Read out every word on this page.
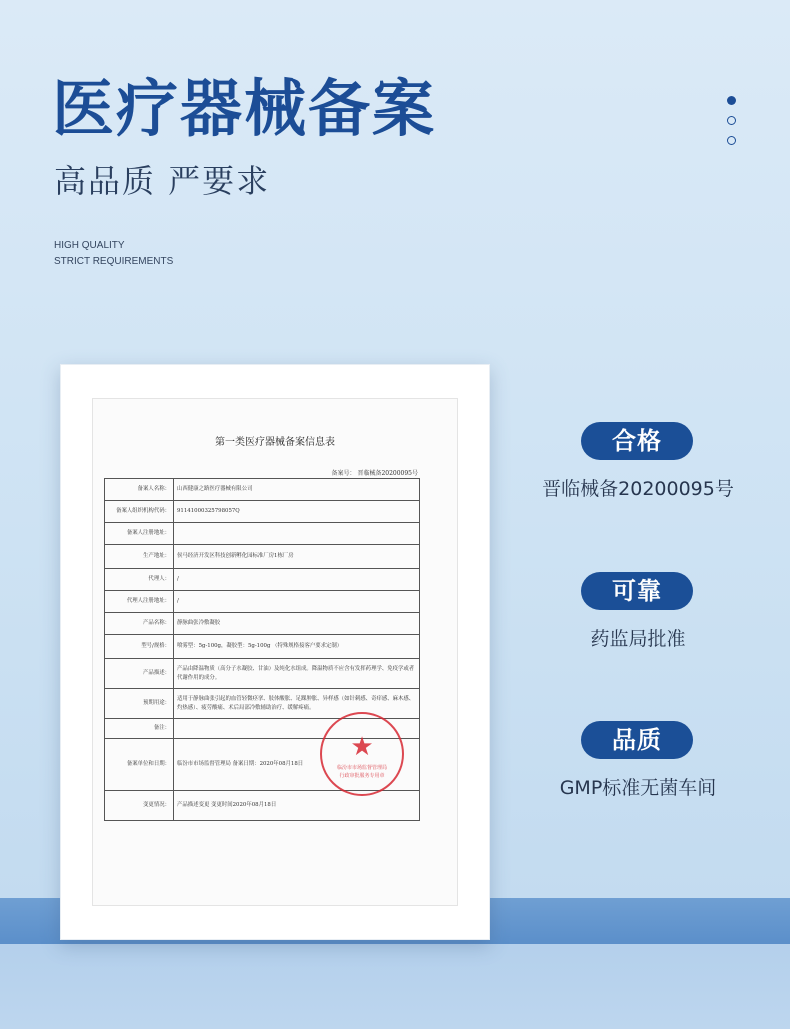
医疗器械备案
高品质 严要求
HIGH QUALITY
STRICT REQUIREMENTS
第一类医疗器械备案信息表
备案号： 晋临械备20200095号
备案人名称：	山西健康之路医疗器械有限公司
备案人组织机构代码：	91141000325798057Q
备案人注册地址：	
生产地址：	侯马经济开发区科技创新孵化园标准厂房1栋厂房
代理人：	/
代理人注册地址：	/
产品名称：	静脉曲张冷敷凝胶
型号/规格：	喷雾型：5g-100g，凝胶型：5g-100g （特殊规格接客户要求定制）
产品描述：	产品由降温物质（高分子水凝胶、甘油）及纯化水组成。降温物质不应含有发挥药理学、免疫学或者代谢作用的成分。
预期用途：	适用于静脉曲张引起的血管轻微痉挛、肢体酸胀、足踝肿胀、异样感（如针刺感、奇痒感、麻木感、灼热感）、疲劳酸痛、术后局部冷敷辅助治疗、缓解疼痛。
备注：	
备案单位和日期：	临汾市市场监督管理局 备案日期：2020年08月18日
变更情况：	产品描述变更 变更时间2020年08月18日
★
临汾市市场监督管理局
行政审批服务专用章
合格
晋临械备20200095号
可靠
药监局批准
品质
GMP标准无菌车间
